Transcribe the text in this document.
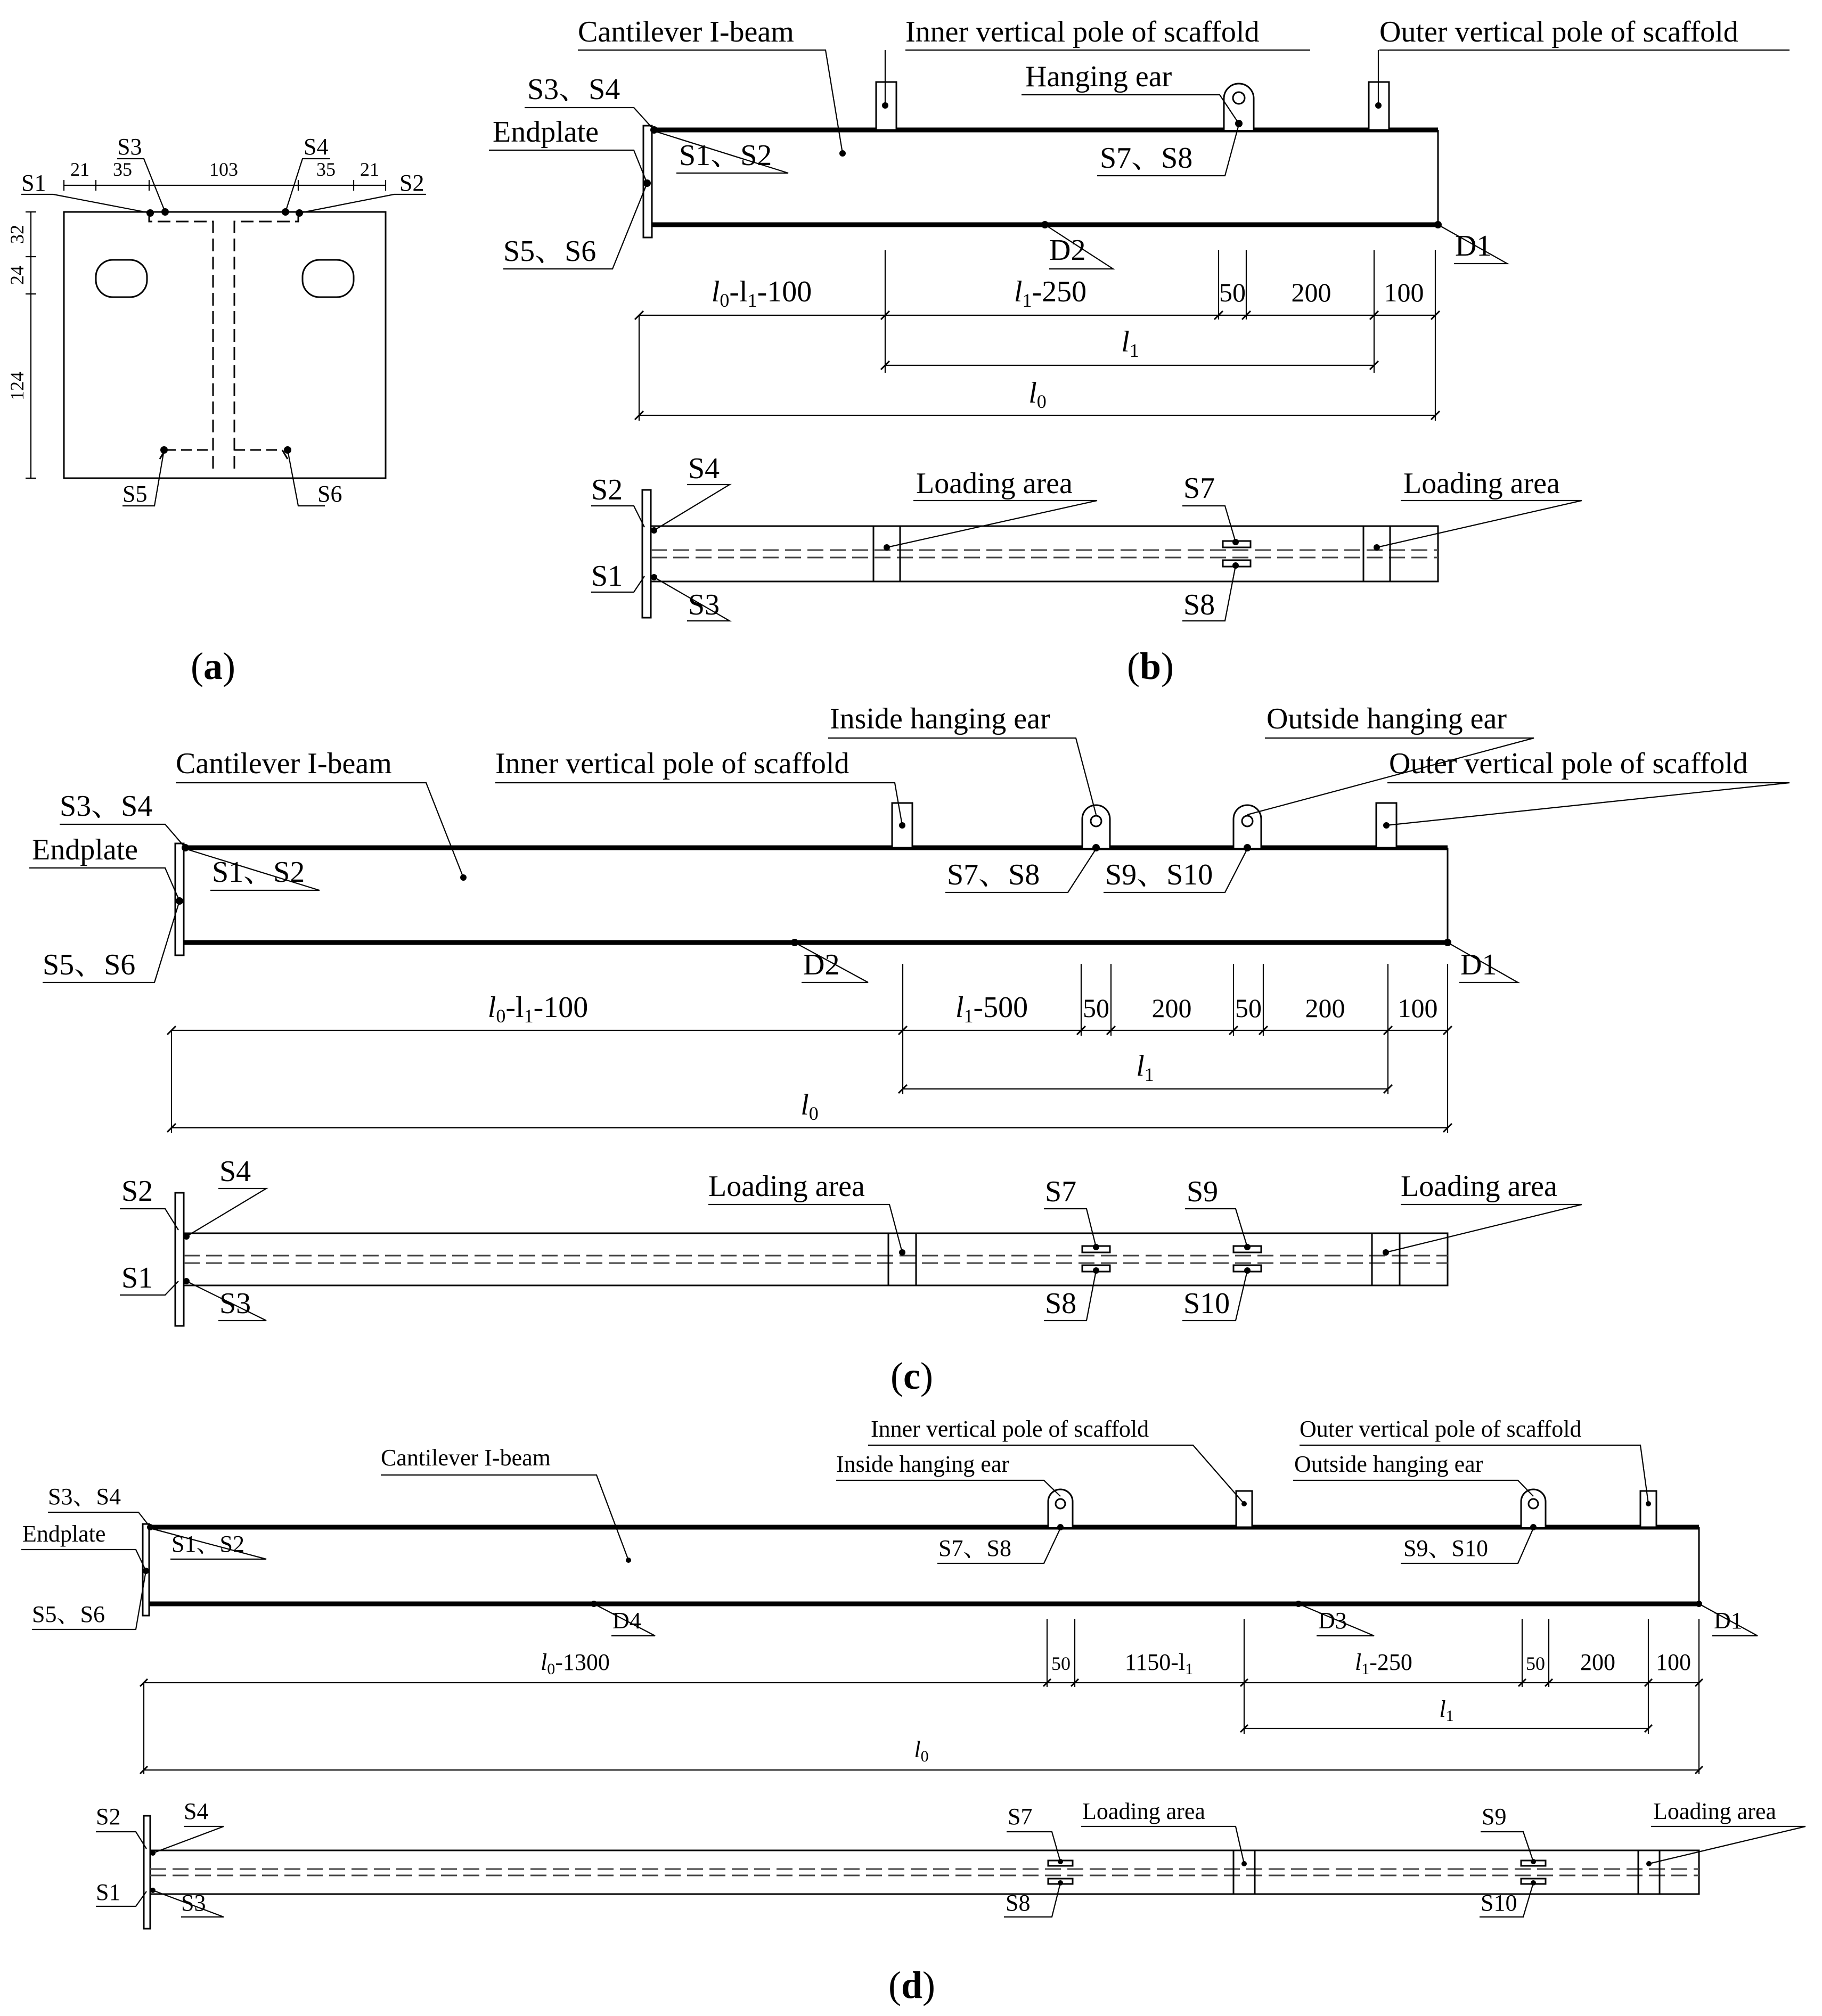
21 35	103	35 21
32
24
124
S1	S2
S3	S4
S5	S6
(a)
Cantilever I-beam	Inner vertical pole of scaffold	Outer vertical pole of scaffold
Hanging ear
S3、S4
Endplate
S1、S2	S7、S8
S5、S6	D2	D1
l0-l1-100	l1-250	50 200 100
l1
l0
S2
S1
S4
S3
Loading area	Loading area
S7
S8
(b)
Cantilever I-beam	Inner vertical pole of scaffold
Inside hanging ear	Outside hanging ear
Outer vertical pole of scaffold
S3、S4
Endplate
S1、S2	S7、S8 S9、S10
S5、S6	D2	D1
l0-l1-100	l1-500 50 200 50 200 100
l1
l0
S2
S1
S4
S3
Loading area	Loading area
S7
S8
S9
S10
(c)
Cantilever I-beam
Inner vertical pole of scaffold
Inside hanging ear
Outer vertical pole of scaffold
Outside hanging ear
S3、S4
Endplate	S1、S2	S7、S8	S9、S10
S5、S6	D4	D3	D1
l0-1300	50 1150-l1	l1-250	50 200 100
l1
l0
S2
S1
S4
S3
Loading area	Loading area
S7
S8
S9
S10
(d)
